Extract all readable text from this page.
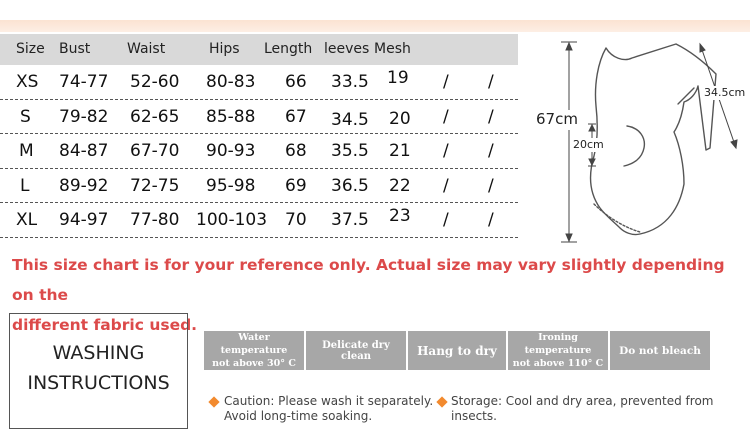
Size Bust	Waist	Hips Length leeves Mesh
XS 74-77 52-60 80-83 66 33.5 19 / /
S 79-82 62-65 85-88 67 34.5 20 / /
M 84-87 67-70 90-93 68 35.5 21 / /
L 89-92 72-75 95-98 69 36.5 22 / /
XL 94-97 77-80 100-103 70 37.5 23 / /
67cm
20cm
34.5cm
This size chart is for your reference only. Actual size may vary slightly depending on the
different fabric used.
WASHING
INSTRUCTIONS
Water temperature
not above 30° C
Delicate dry clean	Hang to dry
Ironing temperature
not above 110° C
Do not bleach
Caution: Please wash it separately.
Avoid long-time soaking.
Storage: Cool and dry area, prevented from
insects.
